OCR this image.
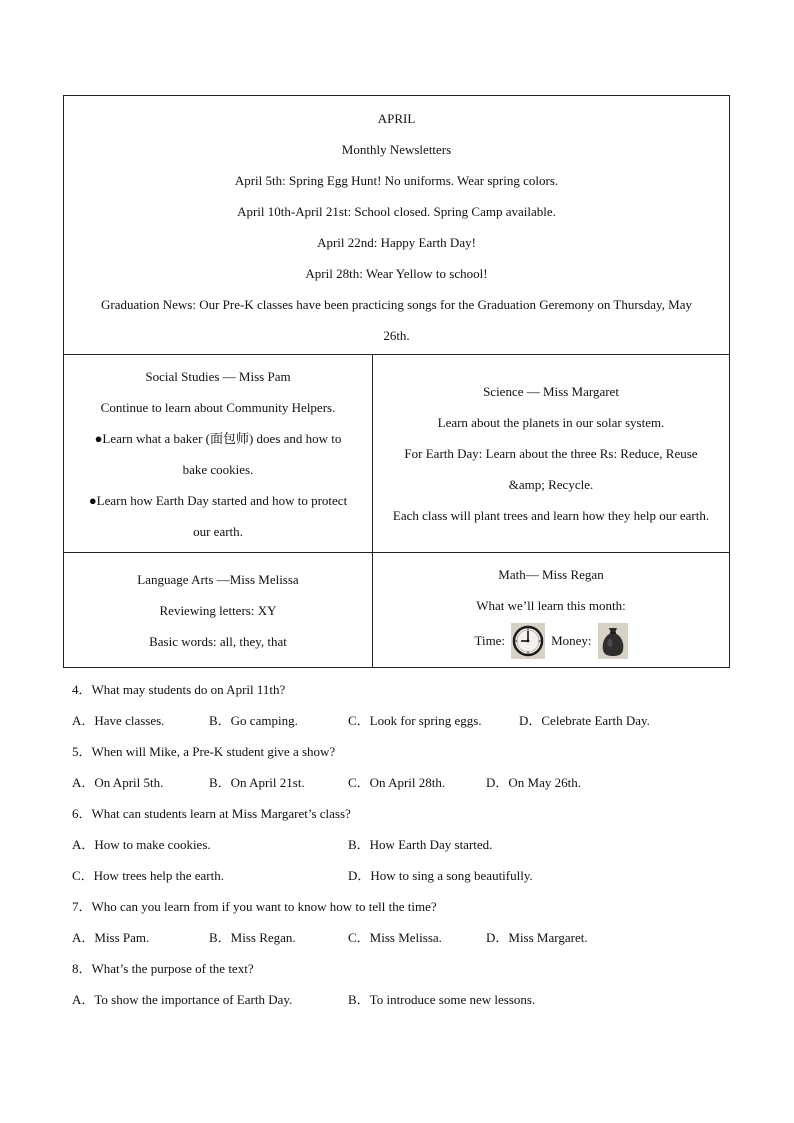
APRIL
Monthly Newsletters
April 5th: Spring Egg Hunt! No uniforms. Wear spring colors.
April 10th-April 21st: School closed. Spring Camp available.
April 22nd: Happy Earth Day!
April 28th: Wear Yellow to school!
Graduation News: Our Pre-K classes have been practicing songs for the Graduation Geremony on Thursday, May
26th.
Social Studies — Miss Pam
Continue to learn about Community Helpers.
●Learn what a baker (面包师) does and how to
bake cookies.
●Learn how Earth Day started and how to protect
our earth.
Science — Miss Margaret
Learn about the planets in our solar system.
For Earth Day: Learn about the three Rs: Reduce, Reuse
&amp; Recycle.
Each class will plant trees and learn how they help our earth.
Language Arts —Miss Melissa
Reviewing letters: XY
Basic words: all, they, that
Math— Miss Regan
What we’ll learn this month:
Time:	Money:
4．What may students do on April 11th?
A．Have classes.	B．Go camping.	C．Look for spring eggs.	D．Celebrate Earth Day.
5．When will Mike, a Pre-K student give a show?
A．On April 5th.	B．On April 21st.	C．On April 28th.	D．On May 26th.
6．What can students learn at Miss Margaret’s class?
A．How to make cookies.	B．How Earth Day started.
C．How trees help the earth.	D．How to sing a song beautifully.
7．Who can you learn from if you want to know how to tell the time?
A．Miss Pam.	B．Miss Regan.	C．Miss Melissa.	D．Miss Margaret.
8．What’s the purpose of the text?
A．To show the importance of Earth Day.	B．To introduce some new lessons.
